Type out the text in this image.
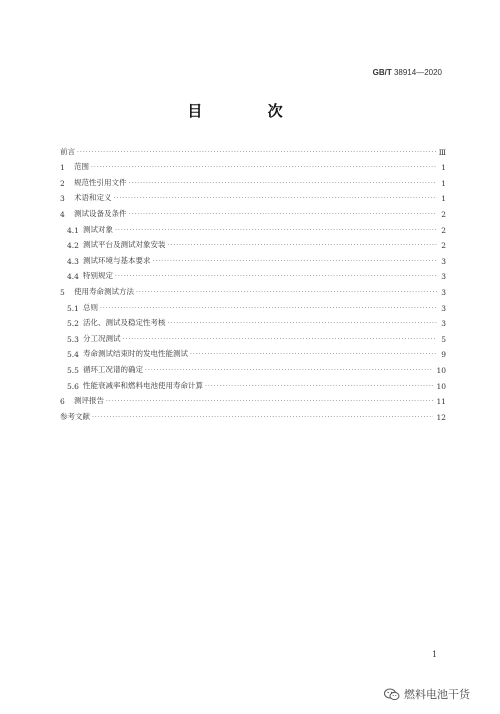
GB/T 38914—2020
目 次
前言 ·····	Ⅲ
1	范围 ·····	1
2	规范性引用文件 ·····	1
3	术语和定义 ·····	1
4	测试设备及条件 ·····	2
4.1 测试对象 ·····	2
4.2 测试平台及测试对象安装 ·····	2
4.3 测试环境与基本要求 ·····	3
4.4 特别规定 ·····	3
5	使用寿命测试方法 ·····	3
5.1 总则 ·····	3
5.2 活化、测试及稳定性考核 ·····	3
5.3 分工况测试 ·····	5
5.4 寿命测试结束时的发电性能测试 ·····	9
5.5 循环工况谱的确定 ·····	10
5.6 性能衰减率和燃料电池使用寿命计算 ·····	10
6	测评报告 ·····	11
参考文献 ·····	12
1
燃料电池干货
